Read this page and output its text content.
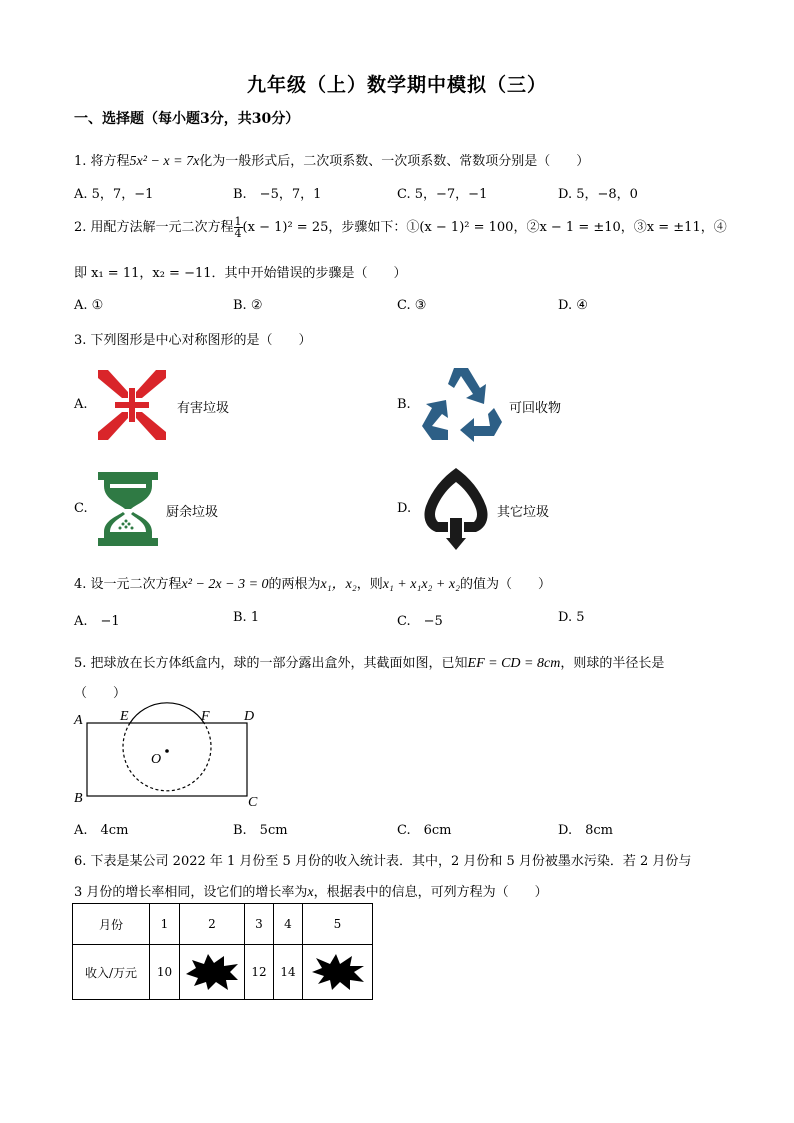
九年级（上）数学期中模拟（三）
一、选择题（每小题3分，共30分）
1. 将方程5x² − x = 7x化为一般形式后，二次项系数、一次项系数、常数项分别是（　　）
A. 5，7，−1	B.　−5，7，1	C. 5，−7，−1	D. 5，−8，0
2. 用配方法解一元二次方程 $\frac{1}{4} (x - 1)^2 = 25$，步骤如下：①(x − 1)² = 100，②x − 1 = ±10，③x = ±11，④
即 x₁ = 11，x₂ = −11．其中开始错误的步骤是（　　）
A. ①	B. ②	C. ③	D. ④
3. 下列图形是中心对称图形的是（　　）
A.	有害垃圾	B.	可回收物
C.	厨余垃圾	D.	其它垃圾
4. 设一元二次方程x² − 2x − 3 = 0的两根为x₁，x₂，则x₁ + x₁x₂ + x₂的值为（　　）
A.　−1	B. 1	C.　−5	D. 5
5. 把球放在长方体纸盒内，球的一部分露出盒外，其截面如图，已知EF = CD = 8cm，则球的半径长是
（　　）
A
B	C
D
E	F
O
A.　4cm	B.　5cm	C.　6cm	D.　8cm
6. 下表是某公司 2022 年 1 月份至 5 月份的收入统计表．其中，2 月份和 5 月份被墨水污染．若 2 月份与
3 月份的增长率相同，设它们的增长率为x，根据表中的信息，可列方程为（　　）
月份	1	2	3	4	5
收入/万元	10		12	14	
